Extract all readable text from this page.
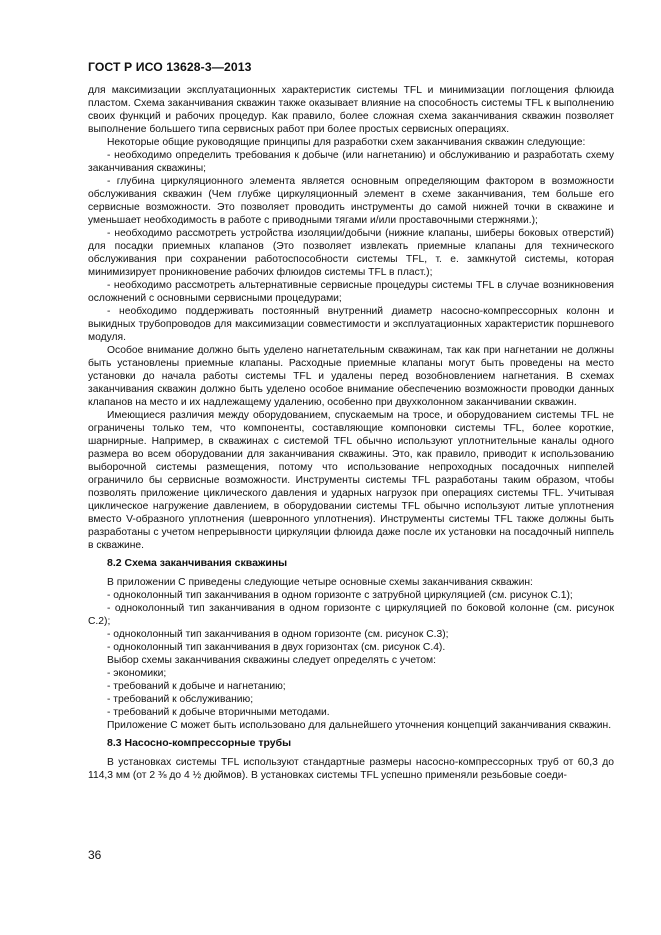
ГОСТ Р ИСО 13628-3—2013

для максимизации эксплуатационных характеристик системы TFL и минимизации поглощения флюида пластом. Схема заканчивания скважин также оказывает влияние на способность системы TFL к выполнению своих функций и рабочих процедур. Как правило, более сложная схема заканчивания скважин позволяет выполнение большего типа сервисных работ при более простых сервисных операциях.

Некоторые общие руководящие принципы для разработки схем заканчивания скважин следующие:

- необходимо определить требования к добыче (или нагнетанию) и обслуживанию и разработать схему заканчивания скважины;

- глубина циркуляционного элемента является основным определяющим фактором в возможности обслуживания скважин (Чем глубже циркуляционный элемент в схеме заканчивания, тем больше его сервисные возможности. Это позволяет проводить инструменты до самой нижней точки в скважине и уменьшает необходимость в работе с приводными тягами и/или проставочными стержнями.);

- необходимо рассмотреть устройства изоляции/добычи (нижние клапаны, шиберы боковых отверстий) для посадки приемных клапанов (Это позволяет извлекать приемные клапаны для технического обслуживания при сохранении работоспособности системы TFL, т. е. замкнутой системы, которая минимизирует проникновение рабочих флюидов системы TFL в пласт.);

- необходимо рассмотреть альтернативные сервисные процедуры системы TFL в случае возникновения осложнений с основными сервисными процедурами;

- необходимо поддерживать постоянный внутренний диаметр насосно-компрессорных колонн и выкидных трубопроводов для максимизации совместимости и эксплуатационных характеристик поршневого модуля.

Особое внимание должно быть уделено нагнетательным скважинам, так как при нагнетании не должны быть установлены приемные клапаны. Расходные приемные клапаны могут быть проведены на место установки до начала работы системы TFL и удалены перед возобновлением нагнетания. В схемах заканчивания скважин должно быть уделено особое внимание обеспечению возможности проводки данных клапанов на место и их надлежащему удалению, особенно при двухколонном заканчивании скважин.

Имеющиеся различия между оборудованием, спускаемым на тросе, и оборудованием системы TFL не ограничены только тем, что компоненты, составляющие компоновки системы TFL, более короткие, шарнирные. Например, в скважинах с системой TFL обычно используют уплотнительные каналы одного размера во всем оборудовании для заканчивания скважины. Это, как правило, приводит к использованию выборочной системы размещения, потому что использование непроходных посадочных ниппелей ограничило бы сервисные возможности. Инструменты системы TFL разработаны таким образом, чтобы позволять приложение циклического давления и ударных нагрузок при операциях системы TFL. Учитывая циклическое нагружение давлением, в оборудовании системы TFL обычно используют литые уплотнения вместо V-образного уплотнения (шевронного уплотнения). Инструменты системы TFL также должны быть разработаны с учетом непрерывности циркуляции флюида даже после их установки на посадочный ниппель в скважине.

8.2 Схема заканчивания скважины

В приложении С приведены следующие четыре основные схемы заканчивания скважин:

- одноколонный тип заканчивания в одном горизонте с затрубной циркуляцией (см. рисунок С.1);

- одноколонный тип заканчивания в одном горизонте с циркуляцией по боковой колонне (см. рисунок С.2);

- одноколонный тип заканчивания в одном горизонте (см. рисунок С.3);

- одноколонный тип заканчивания в двух горизонтах (см. рисунок С.4).

Выбор схемы заканчивания скважины следует определять с учетом:

- экономики;

- требований к добыче и нагнетанию;

- требований к обслуживанию;

- требований к добыче вторичными методами.

Приложение С может быть использовано для дальнейшего уточнения концепций заканчивания скважин.

8.3 Насосно-компрессорные трубы

В установках системы TFL используют стандартные размеры насосно-компрессорных труб от 60,3 до 114,3 мм (от 2 ⅜ до 4 ½ дюймов). В установках системы TFL успешно применяли резьбовые соеди-

36
